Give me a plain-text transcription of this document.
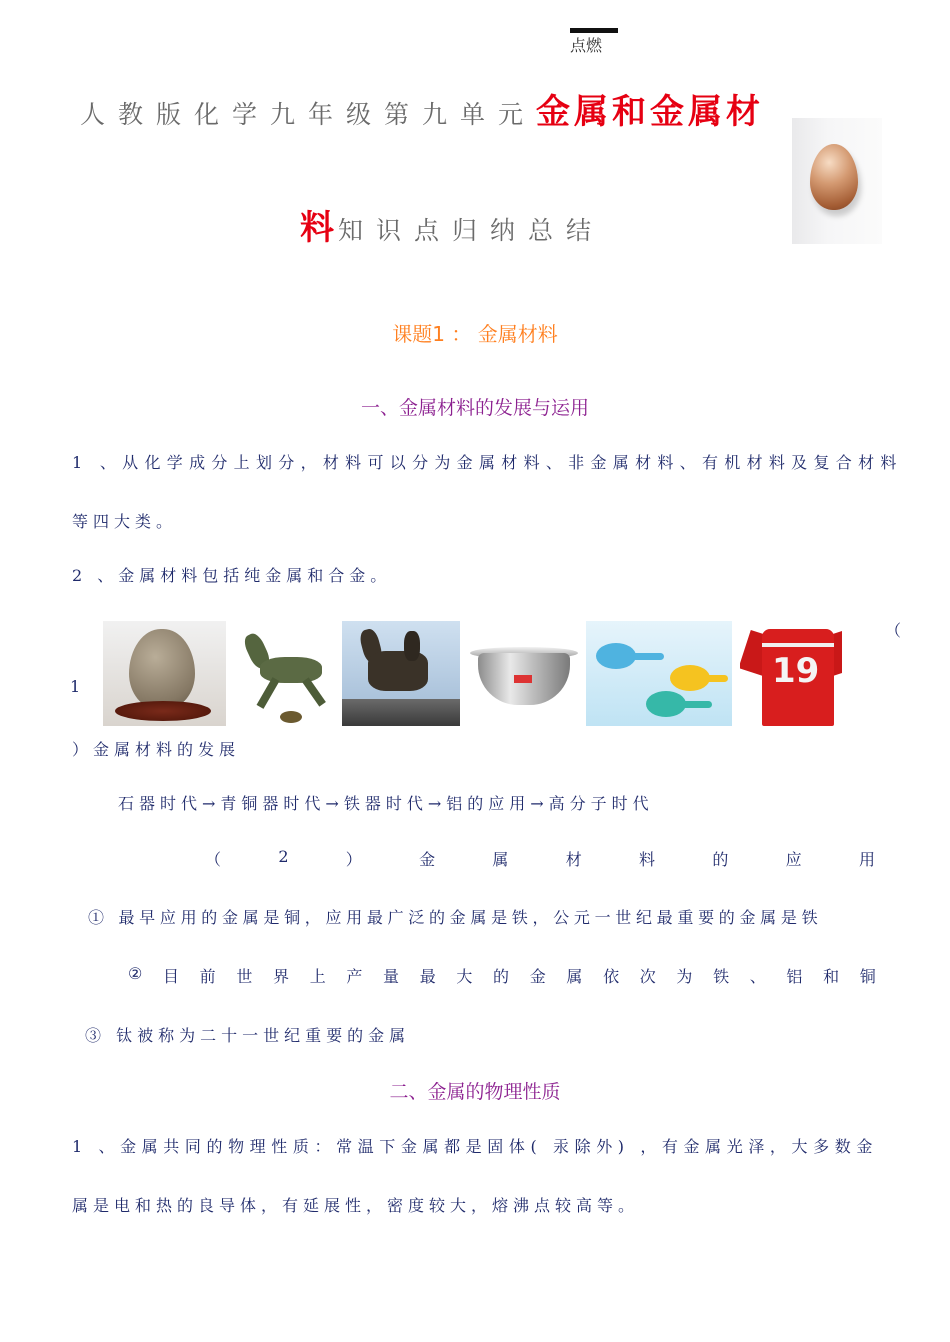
点燃
人教版化学九年级第九单元金属和金属材
料知识点归纳总结
课题1 ： 金属材料
一、金属材料的发展与运用
1 、从化学成分上划分，材料可以分为金属材料、非金属材料、有机材料及复合材料
等四大类。
2 、金属材料包括纯金属和合金。
1
（
19
）金属材料的发展
石器时代→青铜器时代→铁器时代→铝的应用→高分子时代
（	2	）	金	属	材	料	的	应	用
① 最早应用的金属是铜，应用最广泛的金属是铁，公元一世纪最重要的金属是铁
② 目 前 世 界 上 产 量 最 大 的 金 属 依 次 为 铁 、 铝 和 铜
③ 钛被称为二十一世纪重要的金属
二、金属的物理性质
1 、金属共同的物理性质：常温下金属都是固体( 汞除外) ，有金属光泽，大多数金
属是电和热的良导体，有延展性，密度较大，熔沸点较高等。
